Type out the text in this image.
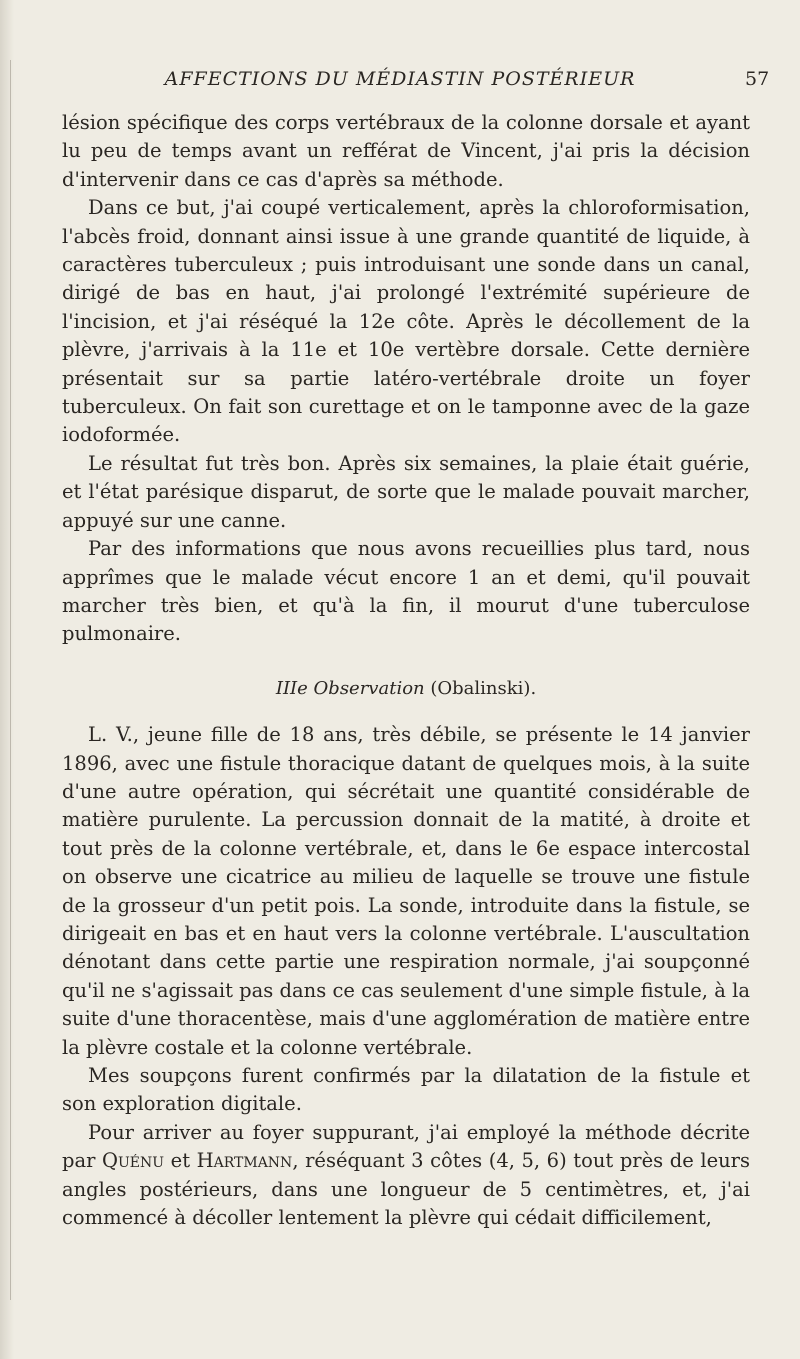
AFFECTIONS DU MÉDIASTIN POSTÉRIEUR	57

lésion spécifique des corps vertébraux de la colonne dorsale et ayant lu peu de temps avant un refférat de Vincent, j'ai pris la décision d'intervenir dans ce cas d'après sa méthode.

Dans ce but, j'ai coupé verticalement, après la chloroformisation, l'abcès froid, donnant ainsi issue à une grande quantité de liquide, à caractères tuberculeux ; puis introduisant une sonde dans un canal, dirigé de bas en haut, j'ai prolongé l'extrémité supérieure de l'incision, et j'ai réséqué la 12e côte. Après le décollement de la plèvre, j'arrivais à la 11e et 10e vertèbre dorsale. Cette dernière présentait sur sa partie latéro-vertébrale droite un foyer tuberculeux. On fait son curettage et on le tamponne avec de la gaze iodoformée.

Le résultat fut très bon. Après six semaines, la plaie était guérie, et l'état parésique disparut, de sorte que le malade pouvait marcher, appuyé sur une canne.

Par des informations que nous avons recueillies plus tard, nous apprîmes que le malade vécut encore 1 an et demi, qu'il pouvait marcher très bien, et qu'à la fin, il mourut d'une tuberculose pulmonaire.

IIIe Observation (Obalinski).

L. V., jeune fille de 18 ans, très débile, se présente le 14 janvier 1896, avec une fistule thoracique datant de quelques mois, à la suite d'une autre opération, qui sécrétait une quantité considérable de matière purulente. La percussion donnait de la matité, à droite et tout près de la colonne vertébrale, et, dans le 6e espace intercostal on observe une cicatrice au milieu de laquelle se trouve une fistule de la grosseur d'un petit pois. La sonde, introduite dans la fistule, se dirigeait en bas et en haut vers la colonne vertébrale. L'auscultation dénotant dans cette partie une respiration normale, j'ai soupçonné qu'il ne s'agissait pas dans ce cas seulement d'une simple fistule, à la suite d'une thoracentèse, mais d'une agglomération de matière entre la plèvre costale et la colonne vertébrale.

Mes soupçons furent confirmés par la dilatation de la fistule et son exploration digitale.

Pour arriver au foyer suppurant, j'ai employé la méthode décrite par Quénu et Hartmann, réséquant 3 côtes (4, 5, 6) tout près de leurs angles postérieurs, dans une longueur de 5 centimètres, et, j'ai commencé à décoller lentement la plèvre qui cédait difficilement,
